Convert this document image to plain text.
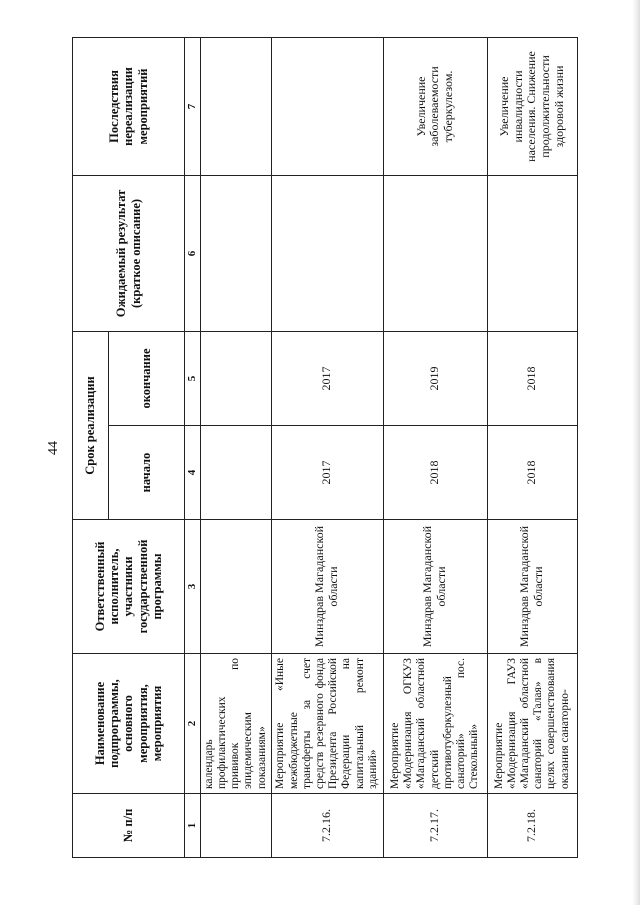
44
№ п/п	Наименование подпрограммы, основного мероприятия, мероприятия	Ответственный исполнитель, участники государственной программы	Срок реализации		Ожидаемый результат (краткое описание)	Последствия нереализации мероприятий
			начало	окончание		
1	2	3	4	5	6	7
	календарь профилактических прививок по эпидемическим показаниям»					
7.2.16.	Мероприятие «Иные межбюджетные трансферты за счет средств резервного фонда Президента Российской Федерации на капитальный ремонт зданий»	Минздрав Магаданской области	2017	2017		
7.2.17.	Мероприятие «Модернизация ОГКУЗ «Магаданский областной детский противотуберкулезный санаторий» пос. Стекольный»	Минздрав Магаданской области	2018	2019		Увеличение заболеваемости туберкулезом.
7.2.18.	Мероприятие «Модернизация ГАУЗ «Магаданский областной санаторий «Талая» в целях совершенствования оказания санаторно-	Минздрав Магаданской области	2018	2018		Увеличение инвалидности населения. Снижение продолжительности здоровой жизни
